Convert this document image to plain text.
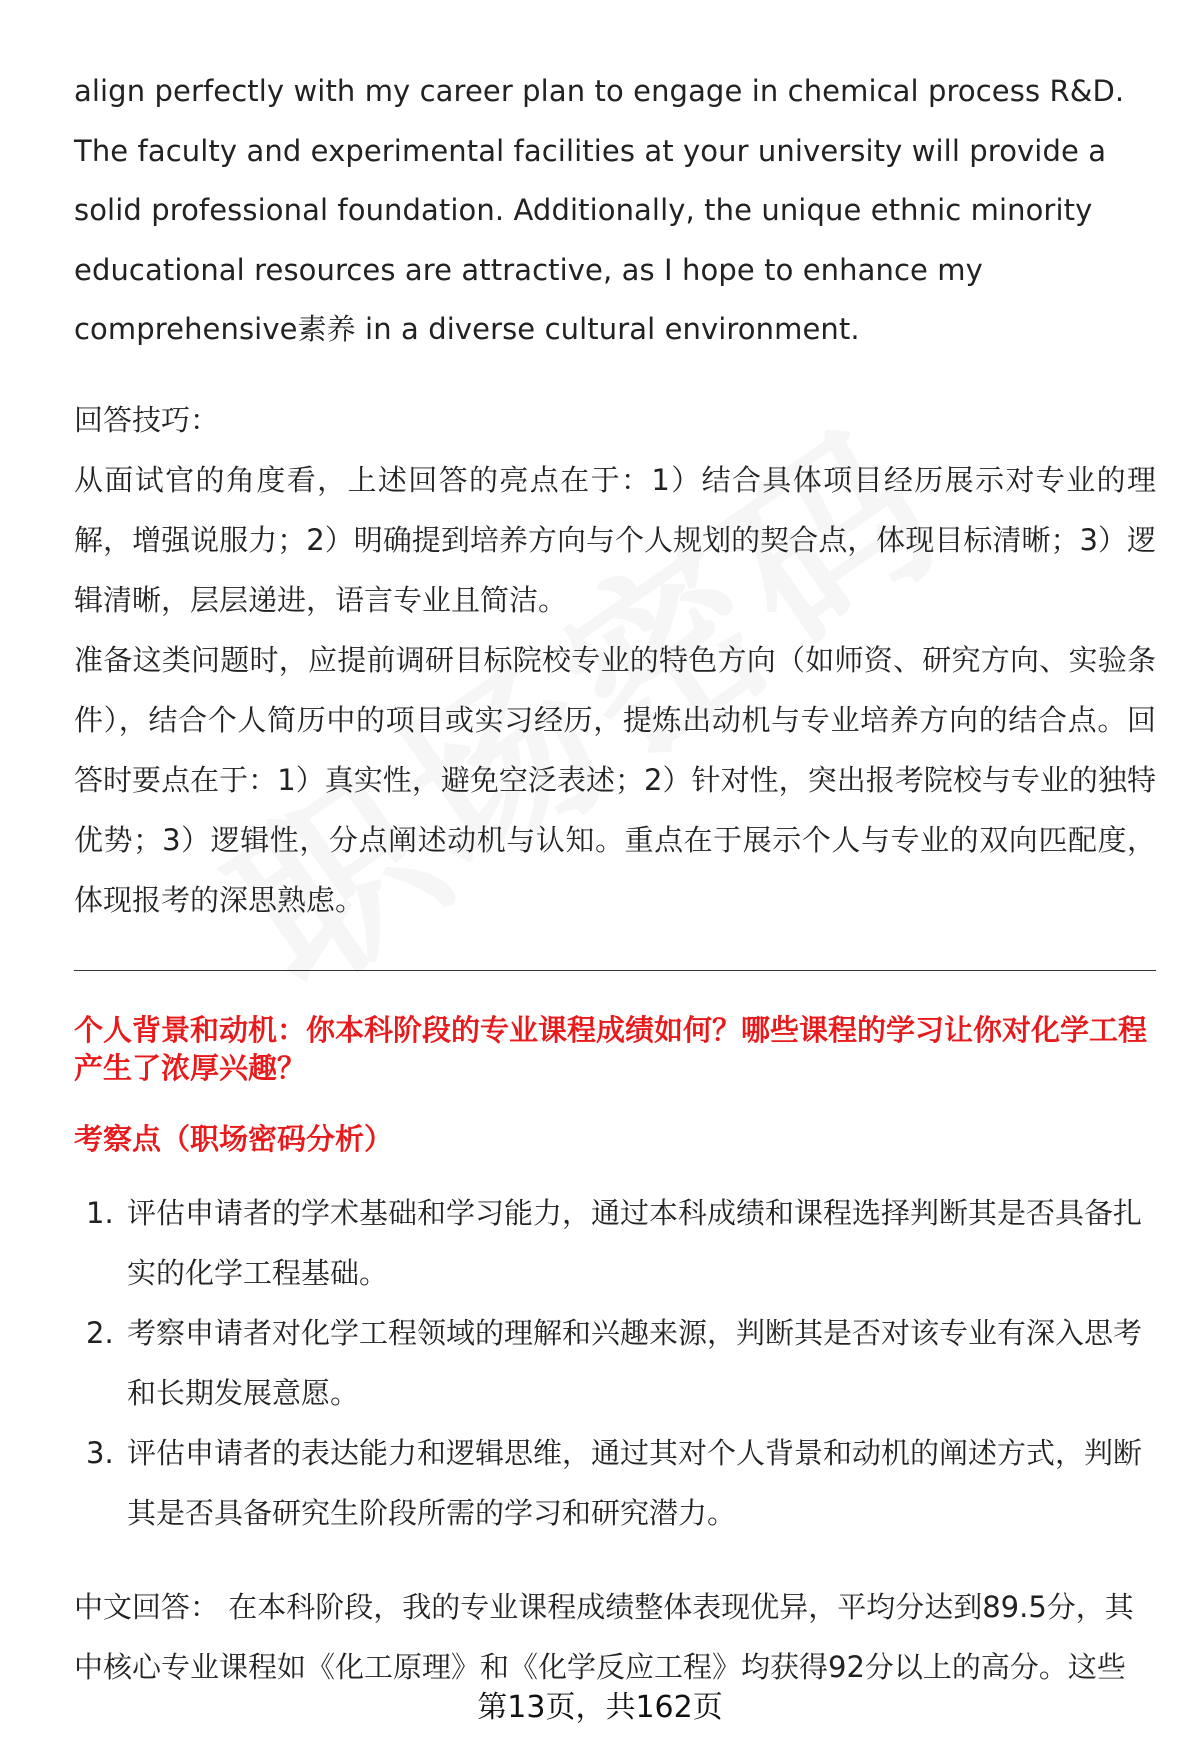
align perfectly with my career plan to engage in chemical process R&D. The faculty and experimental facilities at your university will provide a solid professional foundation. Additionally, the unique ethnic minority educational resources are attractive, as I hope to enhance my comprehensive素养 in a diverse cultural environment.

回答技巧：

从面试官的角度看，上述回答的亮点在于：1）结合具体项目经历展示对专业的理解，增强说服力；2）明确提到培养方向与个人规划的契合点，体现目标清晰；3）逻辑清晰，层层递进，语言专业且简洁。

准备这类问题时，应提前调研目标院校专业的特色方向（如师资、研究方向、实验条件），结合个人简历中的项目或实习经历，提炼出动机与专业培养方向的结合点。回答时要点在于：1）真实性，避免空泛表述；2）针对性，突出报考院校与专业的独特优势；3）逻辑性，分点阐述动机与认知。重点在于展示个人与专业的双向匹配度，体现报考的深思熟虑。

个人背景和动机：你本科阶段的专业课程成绩如何？哪些课程的学习让你对化学工程产生了浓厚兴趣？

考察点（职场密码分析）

1. 评估申请者的学术基础和学习能力，通过本科成绩和课程选择判断其是否具备扎实的化学工程基础。
2. 考察申请者对化学工程领域的理解和兴趣来源，判断其是否对该专业有深入思考和长期发展意愿。
3. 评估申请者的表达能力和逻辑思维，通过其对个人背景和动机的阐述方式，判断其是否具备研究生阶段所需的学习和研究潜力。

中文回答： 在本科阶段，我的专业课程成绩整体表现优异，平均分达到89.5分，其中核心专业课程如《化工原理》和《化学反应工程》均获得92分以上的高分。这些

第13页，共162页
